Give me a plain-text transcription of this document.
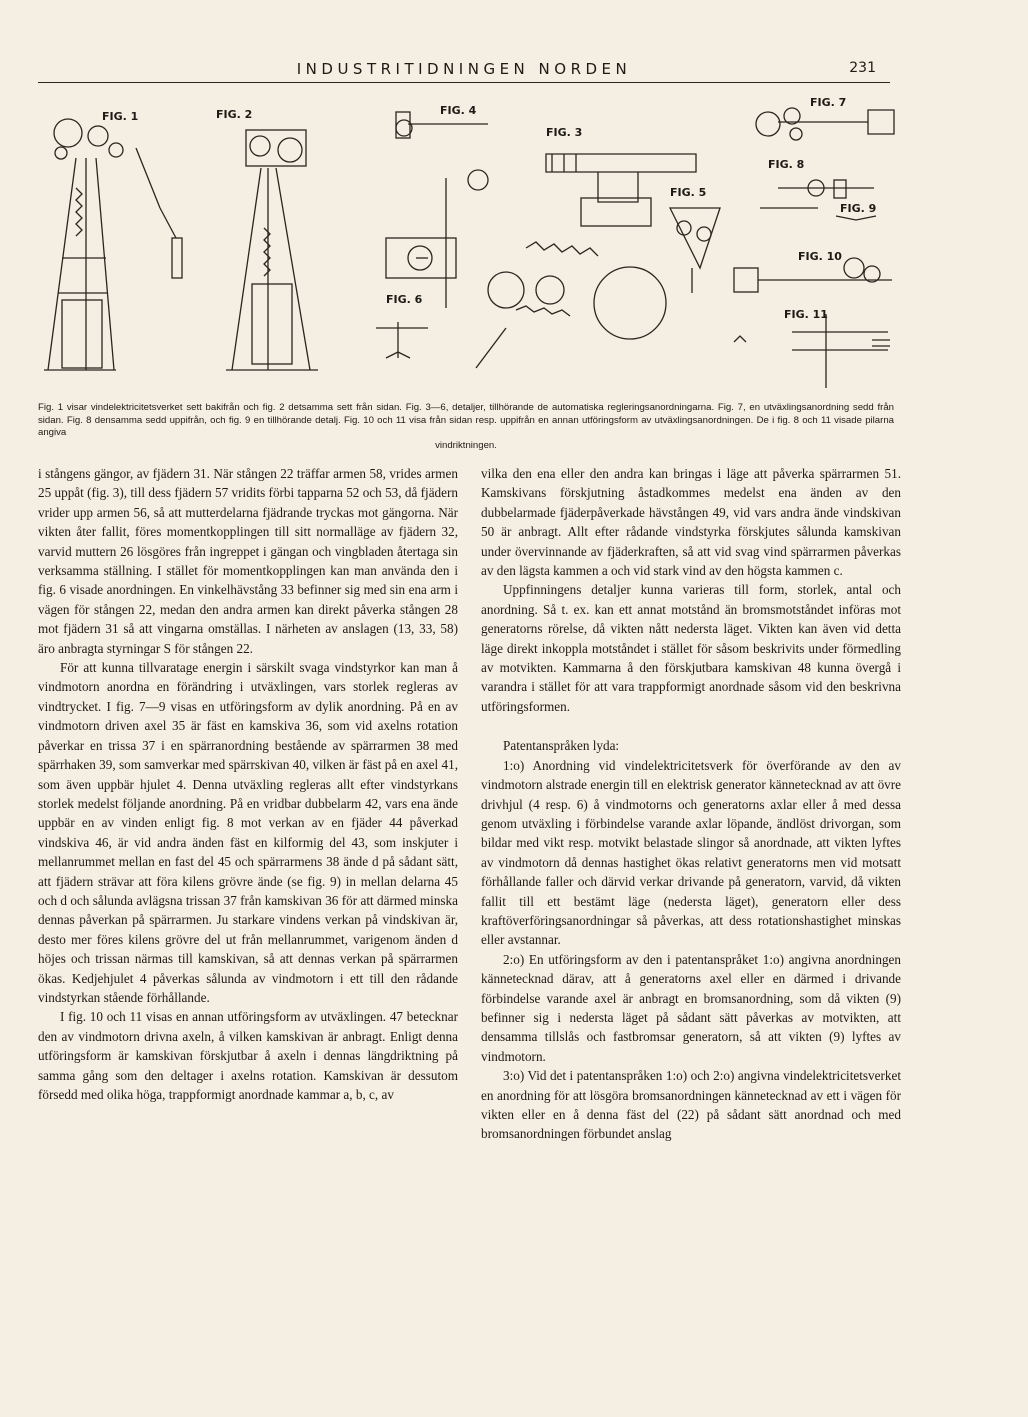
INDUSTRITIDNINGEN NORDEN	231
FIG. 1	FIG. 2	FIG. 4
FIG. 3
FIG. 5
FIG. 6
FIG. 7
FIG. 8
FIG. 9
FIG. 10
FIG. 11
Fig. 1 visar vindelektricitetsverket sett bakifrån och fig. 2 detsamma sett från sidan. Fig. 3—6, detaljer, tillhörande de automatiska regleringsanordningarna. Fig. 7, en utväxlingsanordning sedd från sidan. Fig. 8 densamma sedd uppifrån, och fig. 9 en tillhörande detalj. Fig. 10 och 11 visa från sidan resp. uppifrån en annan utföringsform av utväxlingsanordningen. De i fig. 8 och 11 visade pilarna angiva
vindriktningen.

i stångens gängor, av fjädern 31. När stången 22 träffar armen 58, vrides armen 25 uppåt (fig. 3), till dess fjädern 57 vridits förbi tapparna 52 och 53, då fjädern vrider upp armen 56, så att mutterdelarna fjädrande tryckas mot gängorna. När vikten åter fallit, föres momentkopplingen till sitt normalläge av fjädern 32, varvid muttern 26 lösgöres från ingreppet i gängan och vingbladen återtaga sin verksamma ställning. I stället för momentkopplingen kan man använda den i fig. 6 visade anordningen. En vinkelhävstång 33 befinner sig med sin ena arm i vägen för stången 22, medan den andra armen kan direkt påverka stången 28 mot fjädern 31 så att vingarna omställas. I närheten av anslagen (13, 33, 58) äro anbragta styrningar S för stången 22.

För att kunna tillvaratage energin i särskilt svaga vindstyrkor kan man å vindmotorn anordna en förändring i utväxlingen, vars storlek regleras av vindtrycket. I fig. 7—9 visas en utföringsform av dylik anordning. På en av vindmotorn driven axel 35 är fäst en kamskiva 36, som vid axelns rotation påverkar en trissa 37 i en spärranordning bestående av spärrarmen 38 med spärrhaken 39, som samverkar med spärrskivan 40, vilken är fäst på en axel 41, som även uppbär hjulet 4. Denna utväxling regleras allt efter vindstyrkans storlek medelst följande anordning. På en vridbar dubbelarm 42, vars ena ände uppbär en av vinden enligt fig. 8 mot verkan av en fjäder 44 påverkad vindskiva 46, är vid andra änden fäst en kilformig del 43, som inskjuter i mellanrummet mellan en fast del 45 och spärrarmens 38 ände d på sådant sätt, att fjädern strävar att föra kilens grövre ände (se fig. 9) in mellan delarna 45 och d och sålunda avlägsna trissan 37 från kamskivan 36 för att därmed minska dennas påverkan på spärrarmen. Ju starkare vindens verkan på vindskivan är, desto mer föres kilens grövre del ut från mellanrummet, varigenom änden d höjes och trissan närmas till kamskivan, så att dennas verkan på spärrarmen ökas. Kedjehjulet 4 påverkas sålunda av vindmotorn i ett till den rådande vindstyrkan stående förhållande.

I fig. 10 och 11 visas en annan utföringsform av utväxlingen. 47 betecknar den av vindmotorn drivna axeln, å vilken kamskivan är anbragt. Enligt denna utföringsform är kamskivan förskjutbar å axeln i dennas längdriktning på samma gång som den deltager i axelns rotation. Kamskivan är dessutom försedd med olika höga, trappformigt anordnade kammar a, b, c, av

vilka den ena eller den andra kan bringas i läge att påverka spärrarmen 51. Kamskivans förskjutning åstadkommes medelst ena änden av den dubbelarmade fjäderpåverkade hävstången 49, vid vars andra ände vindskivan 50 är anbragt. Allt efter rådande vindstyrka förskjutes sålunda kamskivan under övervinnande av fjäderkraften, så att vid svag vind spärrarmen påverkas av den lägsta kammen a och vid stark vind av den högsta kammen c.

Uppfinningens detaljer kunna varieras till form, storlek, antal och anordning. Så t. ex. kan ett annat motstånd än bromsmotståndet införas mot generatorns rörelse, då vikten nått nedersta läget. Vikten kan även vid detta läge direkt inkoppla motståndet i stället för såsom beskrivits under förmedling av motvikten. Kammarna å den förskjutbara kamskivan 48 kunna övergå i varandra i stället för att vara trappformigt anordnade såsom vid den beskrivna utföringsformen.

Patentanspråken lyda:

1:o) Anordning vid vindelektricitetsverk för överförande av den av vindmotorn alstrade energin till en elektrisk generator kännetecknad av att övre drivhjul (4 resp. 6) å vindmotorns och generatorns axlar eller å med dessa genom utväxling i förbindelse varande axlar löpande, ändlöst drivorgan, som bildar med vikt resp. motvikt belastade slingor så anordnade, att vikten lyftes av vindmotorn då dennas hastighet ökas relativt generatorns men vid motsatt förhållande faller och därvid verkar drivande på generatorn, varvid, då vikten fallit till ett bestämt läge (nedersta läget), generatorn eller dess kraftöverföringsanordningar så påverkas, att dess rotationshastighet minskas eller avstannar.

2:o) En utföringsform av den i patentanspråket 1:o) angivna anordningen kännetecknad därav, att å generatorns axel eller en därmed i drivande förbindelse varande axel är anbragt en bromsanordning, som då vikten (9) befinner sig i nedersta läget på sådant sätt påverkas av motvikten, att densamma tillslås och fastbromsar generatorn, så att vikten (9) lyftes av vindmotorn.

3:o) Vid det i patentanspråken 1:o) och 2:o) angivna vindelektricitetsverket en anordning för att lösgöra bromsanordningen kännetecknad av ett i vägen för vikten eller en å denna fäst del (22) på sådant sätt anordnad och med bromsanordningen förbundet anslag
